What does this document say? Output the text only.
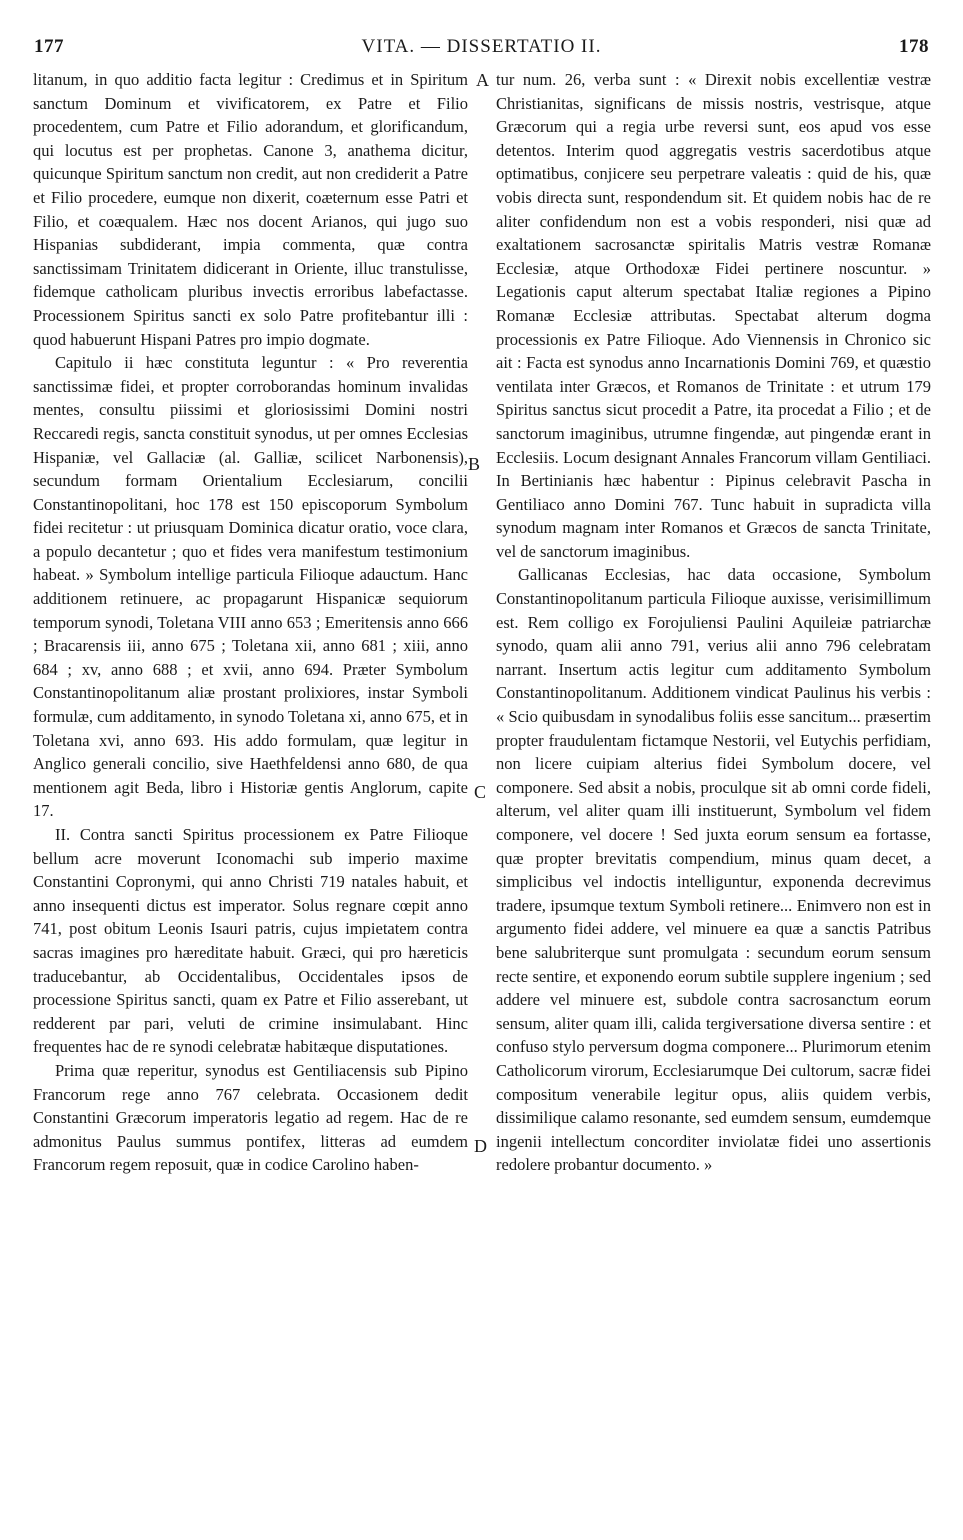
177	VITA. — DISSERTATIO II.	178
A
B
C
D

litanum, in quo additio facta legitur : Credimus et in Spiritum sanctum Dominum et vivificatorem, ex Patre et Filio procedentem, cum Patre et Filio adorandum, et glorificandum, qui locutus est per prophetas. Canone 3, anathema dicitur, quicunque Spiritum sanctum non credit, aut non crediderit a Patre et Filio procedere, eumque non dixerit, coæternum esse Patri et Filio, et coæqualem. Hæc nos docent Arianos, qui jugo suo Hispanias subdiderant, impia commenta, quæ contra sanctissimam Trinitatem didicerant in Oriente, illuc transtulisse, fidemque catholicam pluribus invectis erroribus labefactasse. Processionem Spiritus sancti ex solo Patre profitebantur illi : quod habuerunt Hispani Patres pro impio dogmate.

Capitulo ii hæc constituta leguntur : « Pro reverentia sanctissimæ fidei, et propter corroborandas hominum invalidas mentes, consultu piissimi et gloriosissimi Domini nostri Reccaredi regis, sancta constituit synodus, ut per omnes Ecclesias Hispaniæ, vel Gallaciæ (al. Galliæ, scilicet Narbonensis), secundum formam Orientalium Ecclesiarum, concilii Constantinopolitani, hoc 178 est 150 episcoporum Symbolum fidei recitetur : ut priusquam Dominica dicatur oratio, voce clara, a populo decantetur ; quo et fides vera manifestum testimonium habeat. » Symbolum intellige particula Filioque adauctum. Hanc additionem retinuere, ac propagarunt Hispanicæ sequiorum temporum synodi, Toletana VIII anno 653 ; Emeritensis anno 666 ; Bracarensis iii, anno 675 ; Toletana xii, anno 681 ; xiii, anno 684 ; xv, anno 688 ; et xvii, anno 694. Præter Symbolum Constantinopolitanum aliæ prostant prolixiores, instar Symboli formulæ, cum additamento, in synodo Toletana xi, anno 675, et in Toletana xvi, anno 693. His addo formulam, quæ legitur in Anglico generali concilio, sive Haethfeldensi anno 680, de qua mentionem agit Beda, libro i Historiæ gentis Anglorum, capite 17.

II. Contra sancti Spiritus processionem ex Patre Filioque bellum acre moverunt Iconomachi sub imperio maxime Constantini Copronymi, qui anno Christi 719 natales habuit, et anno insequenti dictus est imperator. Solus regnare cœpit anno 741, post obitum Leonis Isauri patris, cujus impietatem contra sacras imagines pro hæreditate habuit. Græci, qui pro hæreticis traducebantur, ab Occidentalibus, Occidentales ipsos de processione Spiritus sancti, quam ex Patre et Filio asserebant, ut redderent par pari, veluti de crimine insimulabant. Hinc frequentes hac de re synodi celebratæ habitæque disputationes.

Prima quæ reperitur, synodus est Gentiliacensis sub Pipino Francorum rege anno 767 celebrata. Occasionem dedit Constantini Græcorum imperatoris legatio ad regem. Hac de re admonitus Paulus summus pontifex, litteras ad eumdem Francorum regem reposuit, quæ in codice Carolino haben-

tur num. 26, verba sunt : « Direxit nobis excellentiæ vestræ Christianitas, significans de missis nostris, vestrisque, atque Græcorum qui a regia urbe reversi sunt, eos apud vos esse detentos. Interim quod aggregatis vestris sacerdotibus atque optimatibus, conjicere seu perpetrare valeatis : quid de his, quæ vobis directa sunt, respondendum sit. Et quidem nobis hac de re aliter confidendum non est a vobis responderi, nisi quæ ad exaltationem sacrosanctæ spiritalis Matris vestræ Romanæ Ecclesiæ, atque Orthodoxæ Fidei pertinere noscuntur. » Legationis caput alterum spectabat Italiæ regiones a Pipino Romanæ Ecclesiæ attributas. Spectabat alterum dogma processionis ex Patre Filioque. Ado Viennensis in Chronico sic ait : Facta est synodus anno Incarnationis Domini 769, et quæstio ventilata inter Græcos, et Romanos de Trinitate : et utrum 179 Spiritus sanctus sicut procedit a Patre, ita procedat a Filio ; et de sanctorum imaginibus, utrumne fingendæ, aut pingendæ erant in Ecclesiis. Locum designant Annales Francorum villam Gentiliaci. In Bertinianis hæc habentur : Pipinus celebravit Pascha in Gentiliaco anno Domini 767. Tunc habuit in supradicta villa synodum magnam inter Romanos et Græcos de sancta Trinitate, vel de sanctorum imaginibus.

Gallicanas Ecclesias, hac data occasione, Symbolum Constantinopolitanum particula Filioque auxisse, verisimillimum est. Rem colligo ex Forojuliensi Paulini Aquileiæ patriarchæ synodo, quam alii anno 791, verius alii anno 796 celebratam narrant. Insertum actis legitur cum additamento Symbolum Constantinopolitanum. Additionem vindicat Paulinus his verbis : « Scio quibusdam in synodalibus foliis esse sancitum... præsertim propter fraudulentam fictamque Nestorii, vel Eutychis perfidiam, non licere cuipiam alterius fidei Symbolum docere, vel componere. Sed absit a nobis, proculque sit ab omni corde fideli, alterum, vel aliter quam illi instituerunt, Symbolum vel fidem componere, vel docere ! Sed juxta eorum sensum ea fortasse, quæ propter brevitatis compendium, minus quam decet, a simplicibus vel indoctis intelliguntur, exponenda decrevimus tradere, ipsumque textum Symboli retinere... Enimvero non est in argumento fidei addere, vel minuere ea quæ a sanctis Patribus bene salubriterque sunt promulgata : secundum eorum sensum recte sentire, et exponendo eorum subtile supplere ingenium ; sed addere vel minuere est, subdole contra sacrosanctum eorum sensum, aliter quam illi, calida tergiversatione diversa sentire : et confuso stylo perversum dogma componere... Plurimorum etenim Catholicorum virorum, Ecclesiarumque Dei cultorum, sacræ fidei compositum venerabile legitur opus, aliis quidem verbis, dissimilique calamo resonante, sed eumdem sensum, eumdemque ingenii intellectum concorditer inviolatæ fidei uno assertionis redolere probantur documento. »
